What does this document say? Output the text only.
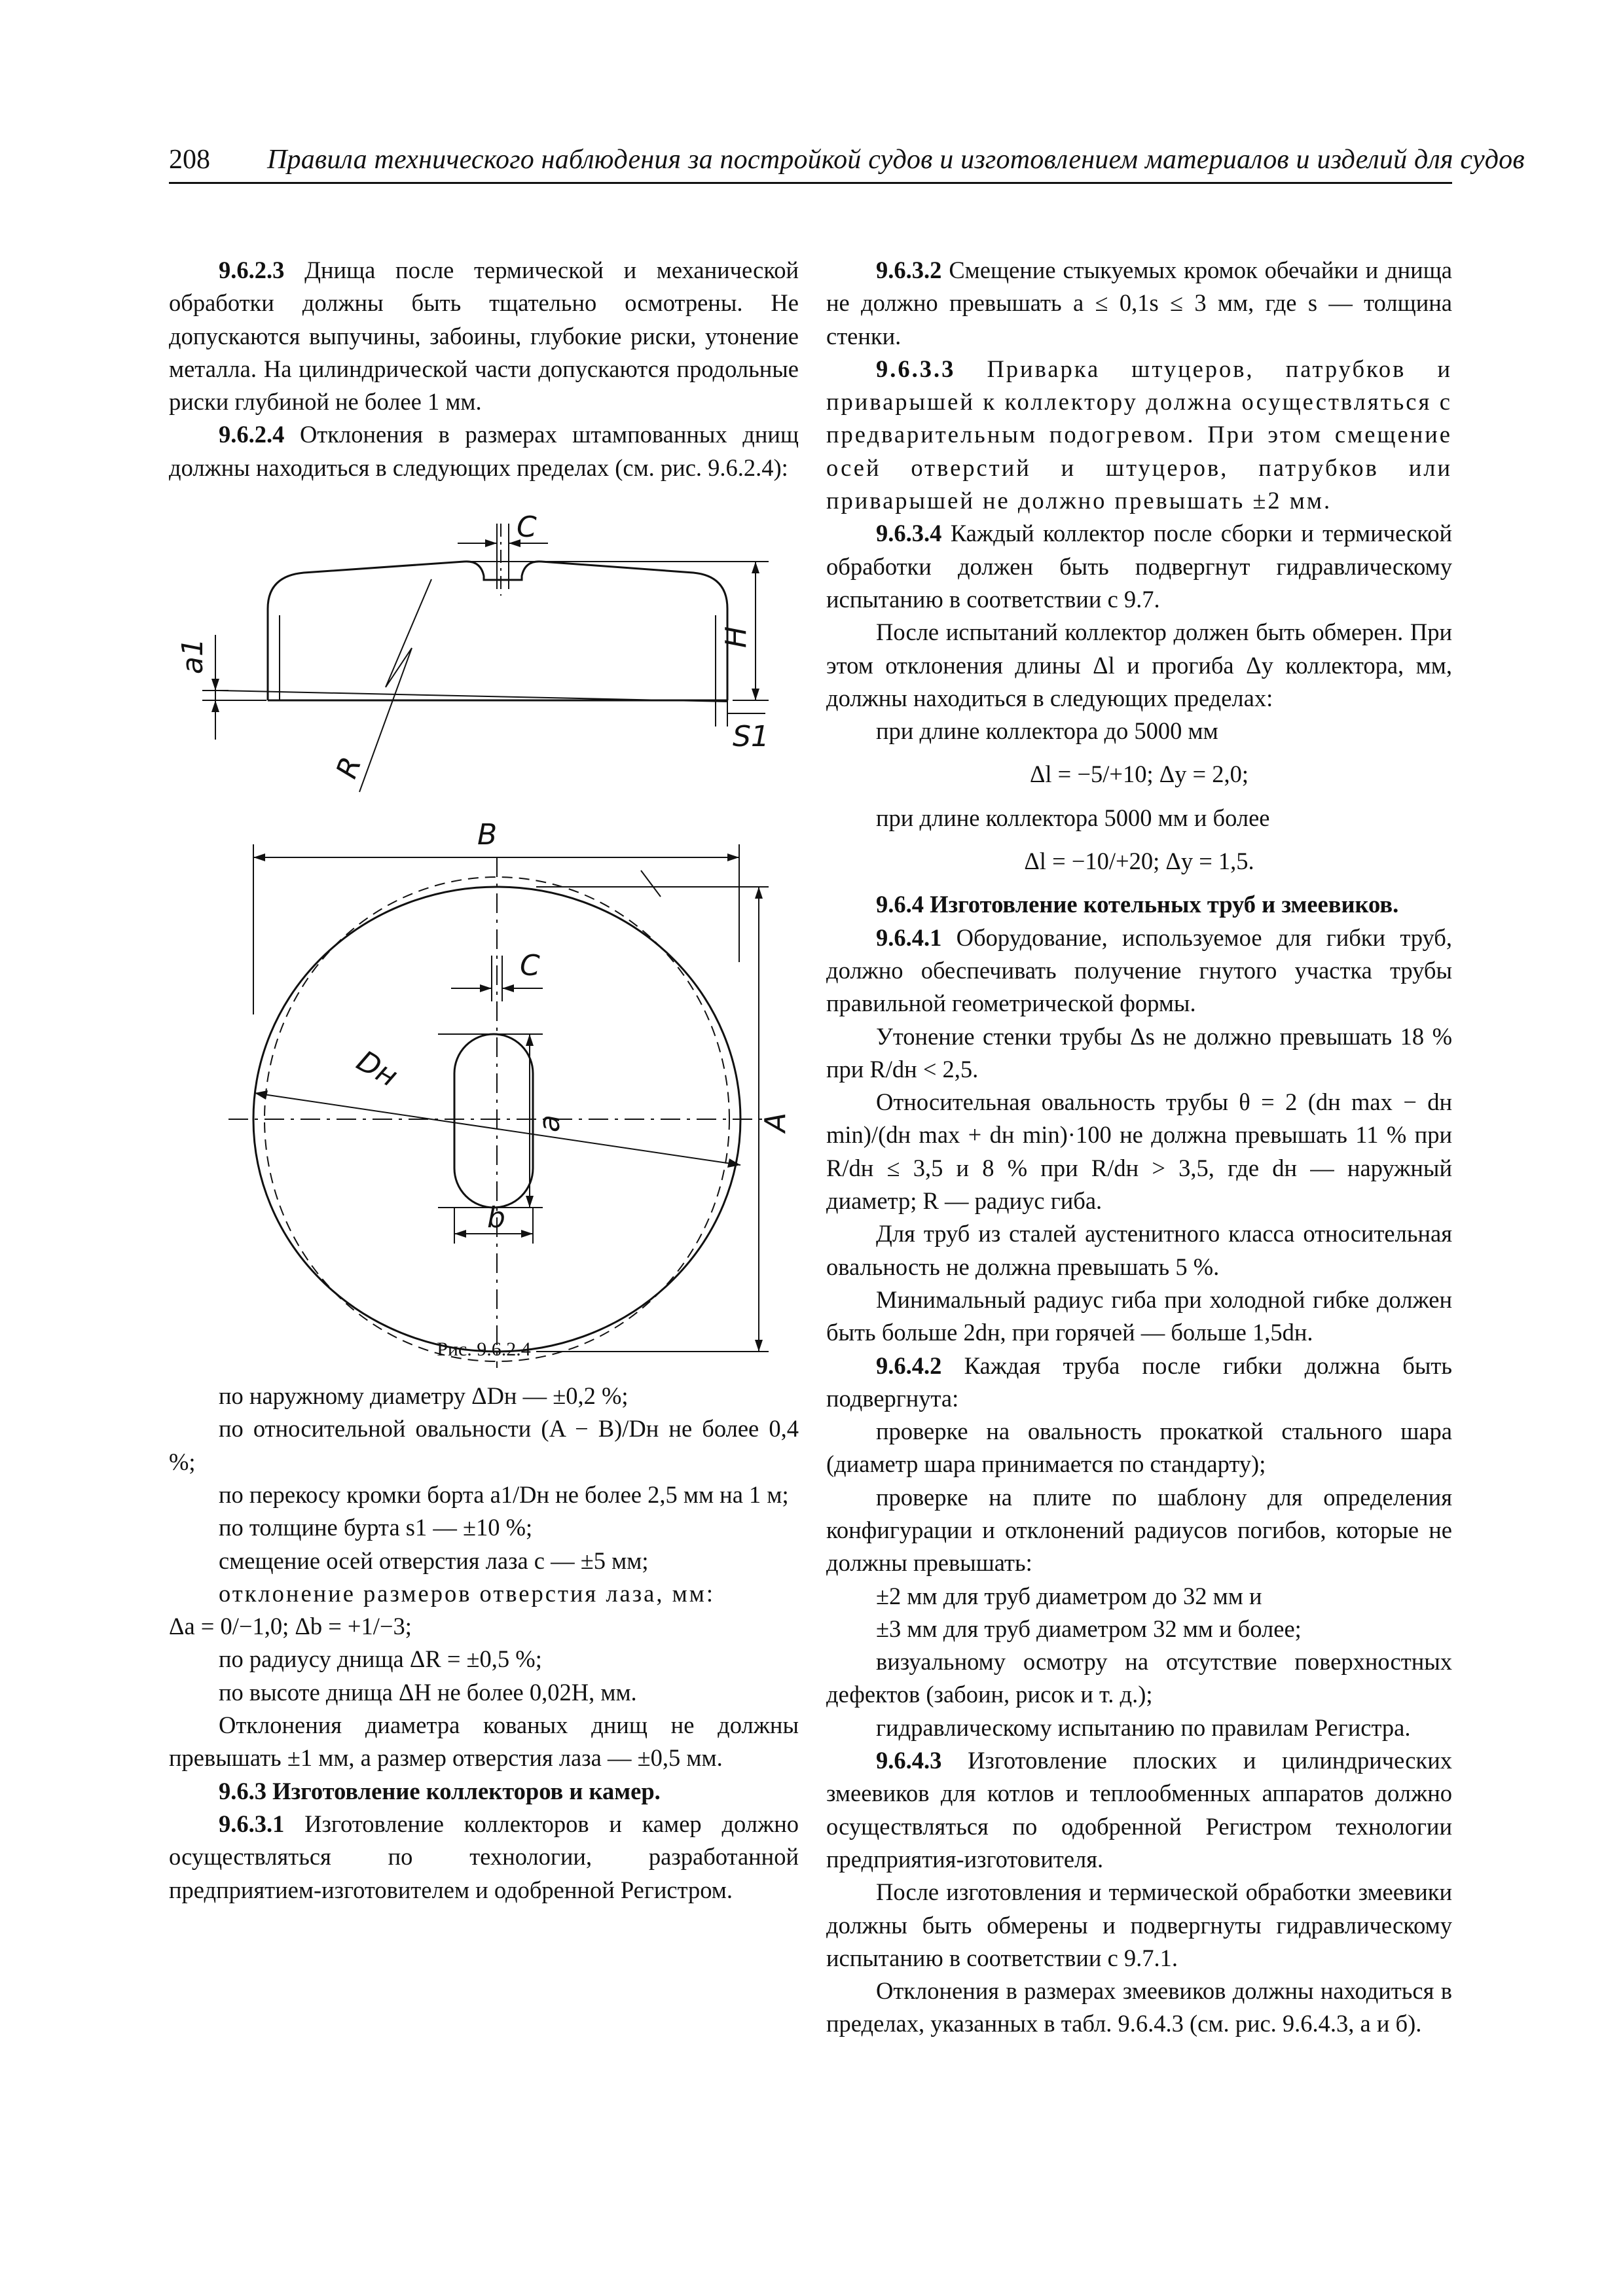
208 Правила технического наблюдения за постройкой судов и изготовлением материалов и изделий для судов

9.6.2.3 Днища после термической и механической обработки должны быть тщательно осмотрены. Не допускаются выпучины, забоины, глубокие риски, утонение металла. На цилиндрической части допускаются продольные риски глубиной не более 1 мм.

9.6.2.4 Отклонения в размерах штампованных днищ должны находиться в следующих пределах (см. рис. 9.6.2.4):

C
a1
H
S1
R
B
C
Dн
a	A
b

Рис. 9.6.2.4

по наружному диаметру ΔDн — ±0,2 %;

по относительной овальности (A − B)/Dн не более 0,4 %;

по перекосу кромки борта a1/Dн не более 2,5 мм на 1 м;

по толщине бурта s1 — ±10 %;

смещение осей отверстия лаза c — ±5 мм;

отклонение размеров отверстия лаза, мм:

Δa = 0/−1,0; Δb = +1/−3;

по радиусу днища ΔR = ±0,5 %;

по высоте днища ΔH не более 0,02H, мм.

Отклонения диаметра кованых днищ не должны превышать ±1 мм, а размер отверстия лаза — ±0,5 мм.

9.6.3 Изготовление коллекторов и камер.

9.6.3.1 Изготовление коллекторов и камер должно осуществляться по технологии, разработанной предприятием-изготовителем и одобренной Регистром.

9.6.3.2 Смещение стыкуемых кромок обечайки и днища не должно превышать a ≤ 0,1s ≤ 3 мм, где s — толщина стенки.

9.6.3.3 Приварка штуцеров, патрубков и приварышей к коллектору должна осуществляться с предварительным подогревом. При этом смещение осей отверстий и штуцеров, патрубков или приварышей не должно превышать ±2 мм.

9.6.3.4 Каждый коллектор после сборки и термической обработки должен быть подвергнут гидравлическому испытанию в соответствии с 9.7.

После испытаний коллектор должен быть обмерен. При этом отклонения длины Δl и прогиба Δy коллектора, мм, должны находиться в следующих пределах:

при длине коллектора до 5000 мм

Δl = −5/+10; Δy = 2,0;

при длине коллектора 5000 мм и более

Δl = −10/+20; Δy = 1,5.

9.6.4 Изготовление котельных труб и змеевиков.

9.6.4.1 Оборудование, используемое для гибки труб, должно обеспечивать получение гнутого участка трубы правильной геометрической формы.

Утонение стенки трубы Δs не должно превышать 18 % при R/dн < 2,5.

Относительная овальность трубы θ = 2 (dн max − dн min)/(dн max + dн min)·100 не должна превышать 11 % при R/dн ≤ 3,5 и 8 % при R/dн > 3,5, где dн — наружный диаметр; R — радиус гиба.

Для труб из сталей аустенитного класса относительная овальность не должна превышать 5 %.

Минимальный радиус гиба при холодной гибке должен быть больше 2dн, при горячей — больше 1,5dн.

9.6.4.2 Каждая труба после гибки должна быть подвергнута:

проверке на овальность прокаткой стального шара (диаметр шара принимается по стандарту);

проверке на плите по шаблону для определения конфигурации и отклонений радиусов погибов, которые не должны превышать:

±2 мм для труб диаметром до 32 мм и

±3 мм для труб диаметром 32 мм и более;

визуальному осмотру на отсутствие поверхностных дефектов (забоин, рисок и т. д.);

гидравлическому испытанию по правилам Регистра.

9.6.4.3 Изготовление плоских и цилиндрических змеевиков для котлов и теплообменных аппаратов должно осуществляться по одобренной Регистром технологии предприятия-изготовителя.

После изготовления и термической обработки змеевики должны быть обмерены и подвергнуты гидравлическому испытанию в соответствии с 9.7.1.

Отклонения в размерах змеевиков должны находиться в пределах, указанных в табл. 9.6.4.3 (см. рис. 9.6.4.3, а и б).
